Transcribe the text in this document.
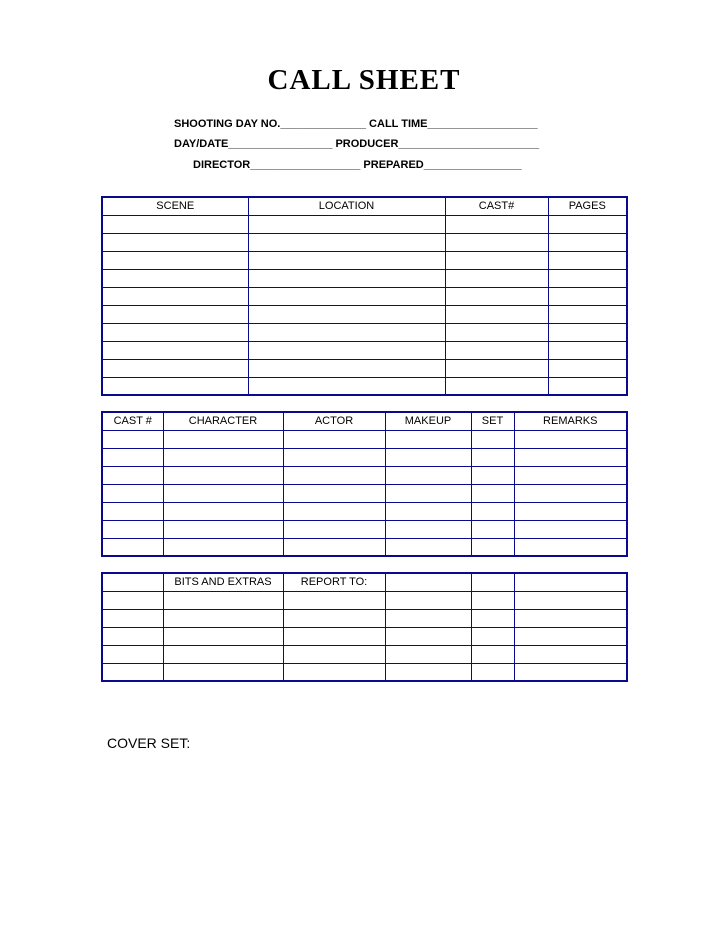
CALL SHEET
SHOOTING DAY NO.______________ CALL TIME__________________
DAY/DATE_________________ PRODUCER_______________________
DIRECTOR__________________ PREPARED________________
SCENE	LOCATION	CAST#	PAGES

CAST #	CHARACTER	ACTOR	MAKEUP	SET	REMARKS

	BITS AND EXTRAS	REPORT TO:			

COVER SET:
